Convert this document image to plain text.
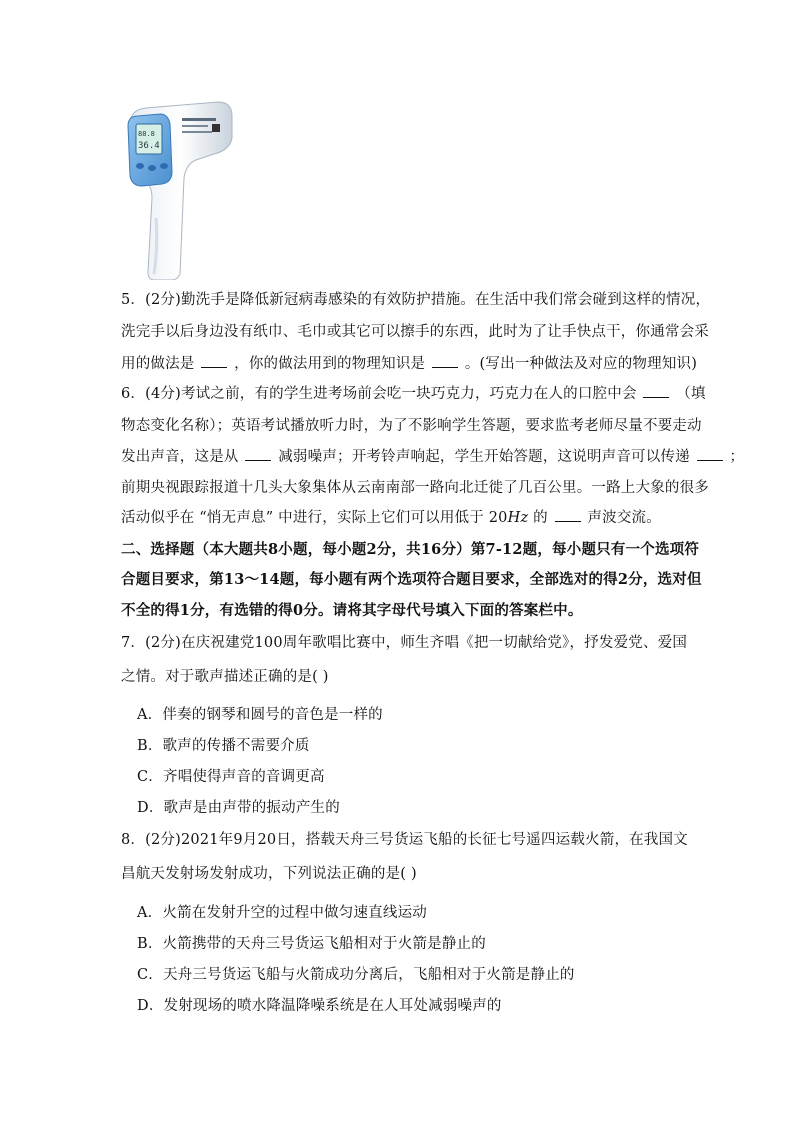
88.8
36.4
5．(2分)勤洗手是降低新冠病毒感染的有效防护措施。在生活中我们常会碰到这样的情况，
洗完手以后身边没有纸巾、毛巾或其它可以擦手的东西，此时为了让手快点干，你通常会采
用的做法是	，你的做法用到的物理知识是	。(写出一种做法及对应的物理知识)
6．(4分)考试之前，有的学生进考场前会吃一块巧克力，巧克力在人的口腔中会	（填
物态变化名称）；英语考试播放听力时，为了不影响学生答题，要求监考老师尽量不要走动
发出声音，这是从	减弱噪声；开考铃声响起，学生开始答题，这说明声音可以传递	；
前期央视跟踪报道十几头大象集体从云南南部一路向北迁徙了几百公里。一路上大象的很多
活动似乎在 “悄无声息” 中进行，实际上它们可以用低于 20Hz 的	声波交流。
二、选择题（本大题共8小题，每小题2分，共16分）第7-12题，每小题只有一个选项符
合题目要求，第13～14题，每小题有两个选项符合题目要求，全部选对的得2分，选对但
不全的得1分，有选错的得0分。请将其字母代号填入下面的答案栏中。
7．(2分)在庆祝建党100周年歌唱比赛中，师生齐唱《把一切献给党》，抒发爱党、爱国
之情。对于歌声描述正确的是( )
A．伴奏的钢琴和圆号的音色是一样的
B．歌声的传播不需要介质
C．齐唱使得声音的音调更高
D．歌声是由声带的振动产生的
8．(2分)2021年9月20日，搭载天舟三号货运飞船的长征七号遥四运载火箭，在我国文
昌航天发射场发射成功，下列说法正确的是( )
A．火箭在发射升空的过程中做匀速直线运动
B．火箭携带的天舟三号货运飞船相对于火箭是静止的
C．天舟三号货运飞船与火箭成功分离后，飞船相对于火箭是静止的
D．发射现场的喷水降温降噪系统是在人耳处减弱噪声的
